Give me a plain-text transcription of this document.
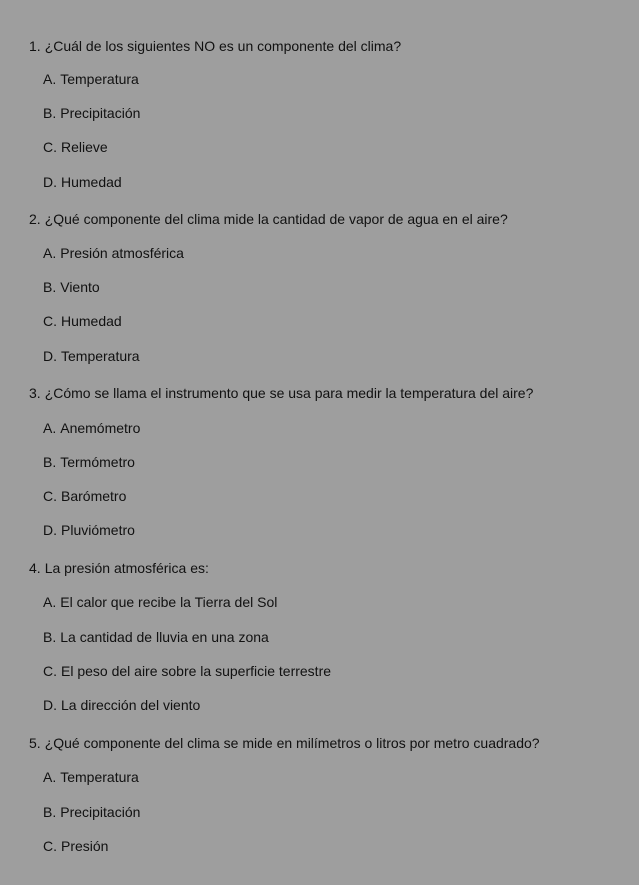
1. ¿Cuál de los siguientes NO es un componente del clima?
A. Temperatura
B. Precipitación
C. Relieve
D. Humedad
2. ¿Qué componente del clima mide la cantidad de vapor de agua en el aire?
A. Presión atmosférica
B. Viento
C. Humedad
D. Temperatura
3. ¿Cómo se llama el instrumento que se usa para medir la temperatura del aire?
A. Anemómetro
B. Termómetro
C. Barómetro
D. Pluviómetro
4. La presión atmosférica es:
A. El calor que recibe la Tierra del Sol
B. La cantidad de lluvia en una zona
C. El peso del aire sobre la superficie terrestre
D. La dirección del viento
5. ¿Qué componente del clima se mide en milímetros o litros por metro cuadrado?
A. Temperatura
B. Precipitación
C. Presión
